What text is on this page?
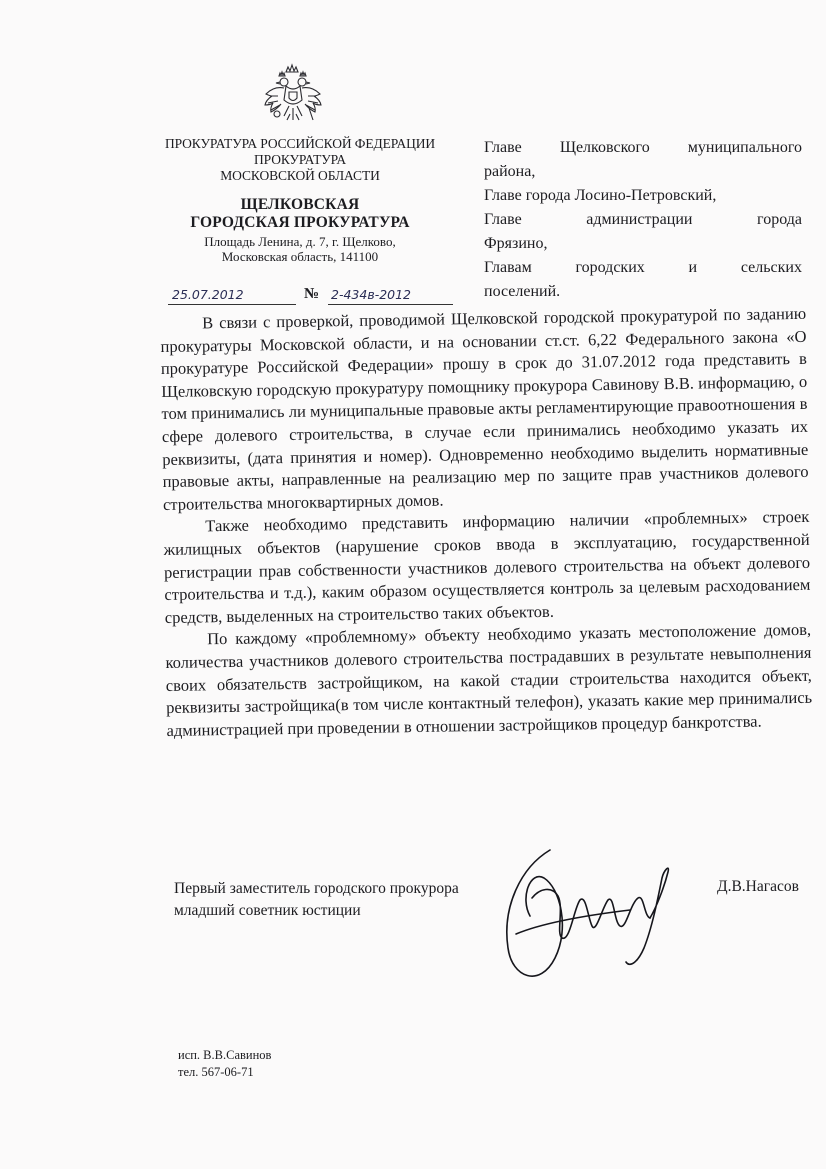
ПРОКУРАТУРА РОССИЙСКОЙ ФЕДЕРАЦИИ
ПРОКУРАТУРА
МОСКОВСКОЙ ОБЛАСТИ
ЩЕЛКОВСКАЯ
ГОРОДСКАЯ ПРОКУРАТУРА
Площадь Ленина, д. 7, г. Щелково,
Московская область, 141100
25.07.2012	№ 2-434в-2012
Главе Щелковского муниципального
района,
Главе города Лосино-Петровский,
Главе администрации города
Фрязино,
Главам городских и сельских
поселений.

В связи с проверкой, проводимой Щелковской городской прокуратурой по заданию прокуратуры Московской области, и на основании ст.ст. 6,22 Федерального закона «О прокуратуре Российской Федерации» прошу в срок до 31.07.2012 года представить в Щелковскую городскую прокуратуру помощнику прокурора Савинову В.В. информацию, о том принимались ли муниципальные правовые акты регламентирующие правоотношения в сфере долевого строительства, в случае если принимались необходимо указать их реквизиты, (дата принятия и номер). Одновременно необходимо выделить нормативные правовые акты, направленные на реализацию мер по защите прав участников долевого строительства многоквартирных домов.

Также необходимо представить информацию наличии «проблемных» строек жилищных объектов (нарушение сроков ввода в эксплуатацию, государственной регистрации прав собственности участников долевого строительства на объект долевого строительства и т.д.), каким образом осуществляется контроль за целевым расходованием средств, выделенных на строительство таких объектов.

По каждому «проблемному» объекту необходимо указать местоположение домов, количества участников долевого строительства пострадавших в результате невыполнения своих обязательств застройщиком, на какой стадии строительства находится объект, реквизиты застройщика(в том числе контактный телефон), указать какие мер принимались администрацией при проведении в отношении застройщиков процедур банкротства.

Первый заместитель городского прокурора
младший советник юстиции
Д.В.Нагасов
исп. В.В.Савинов
тел. 567-06-71
